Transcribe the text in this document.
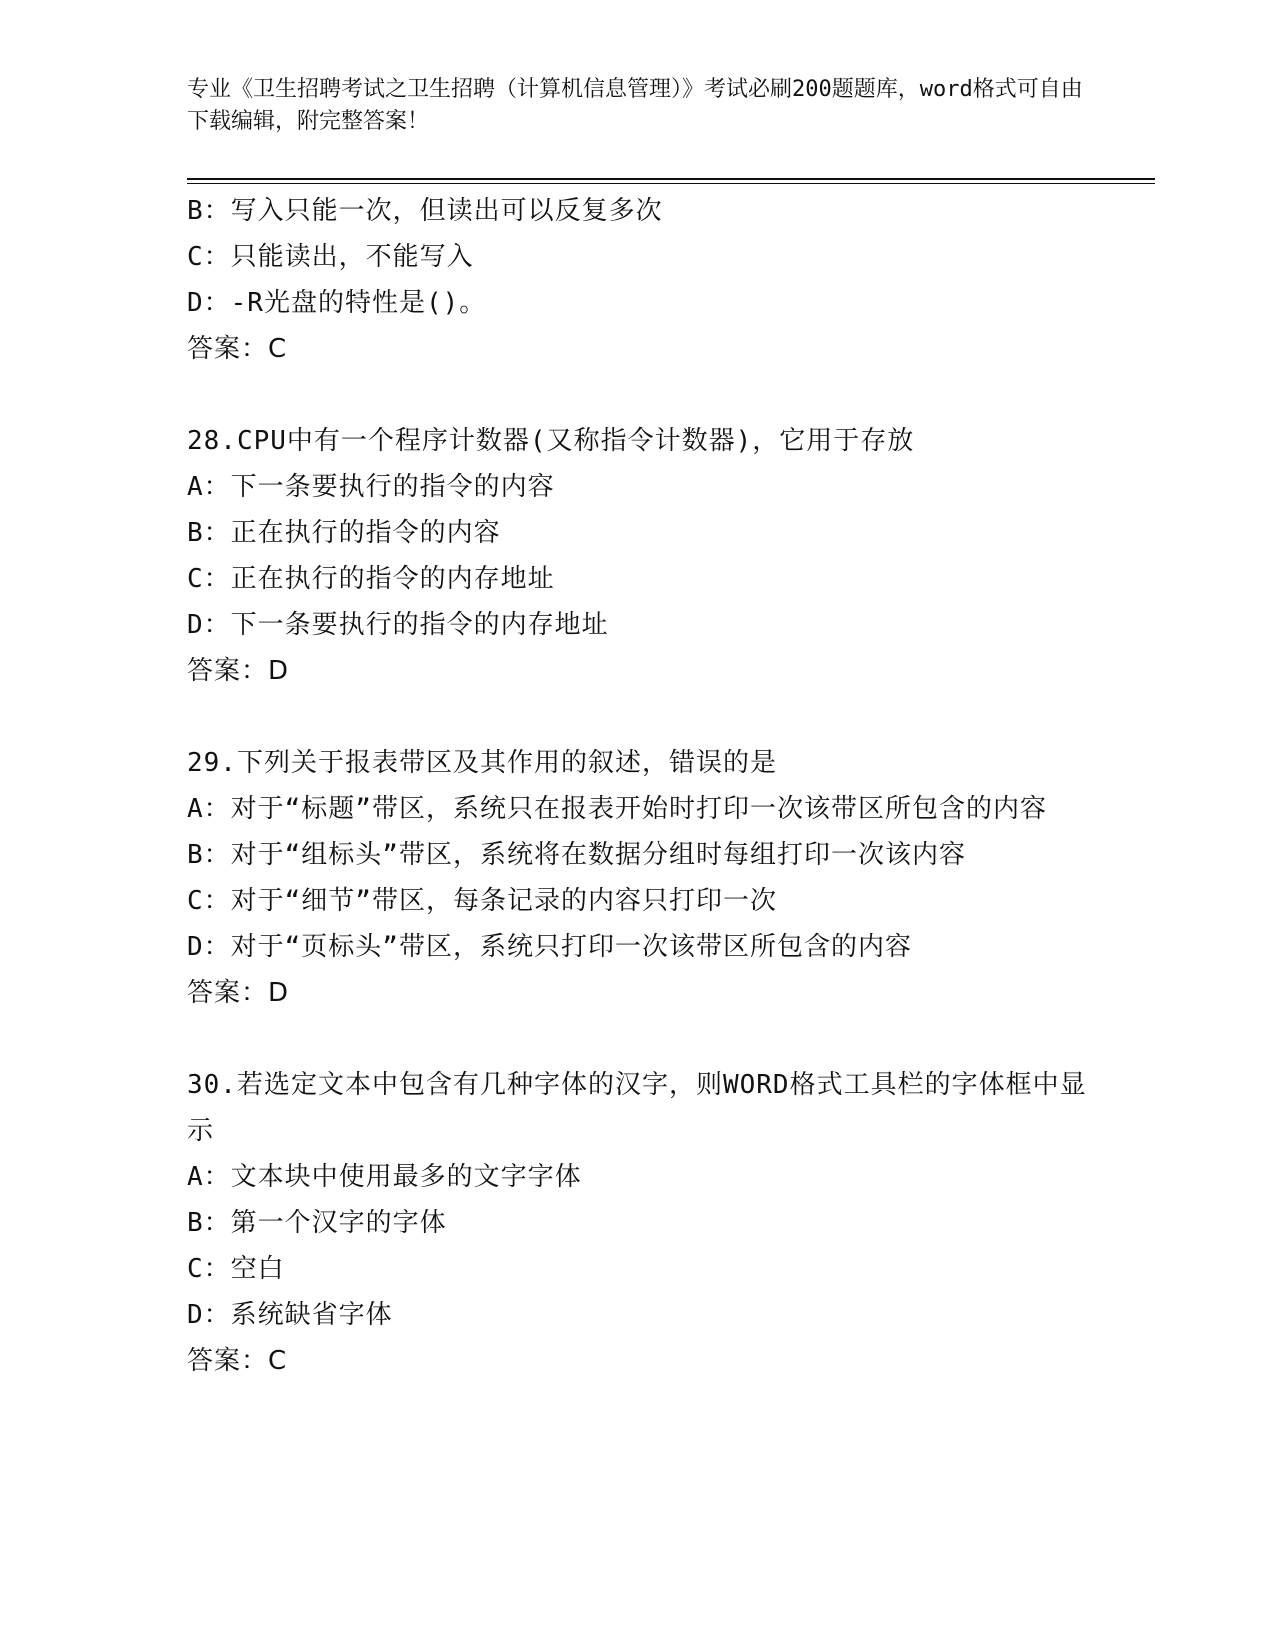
专业《卫生招聘考试之卫生招聘（计算机信息管理）》考试必刷200题题库，word格式可自由下载编辑，附完整答案！

B：写入只能一次，但读出可以反复多次

C：只能读出，不能写入

D：-R光盘的特性是()。

答案：C

28.CPU中有一个程序计数器(又称指令计数器)，它用于存放

A：下一条要执行的指令的内容

B：正在执行的指令的内容

C：正在执行的指令的内存地址

D：下一条要执行的指令的内存地址

答案：D

29.下列关于报表带区及其作用的叙述，错误的是

A：对于“标题”带区，系统只在报表开始时打印一次该带区所包含的内容

B：对于“组标头”带区，系统将在数据分组时每组打印一次该内容

C：对于“细节”带区，每条记录的内容只打印一次

D：对于“页标头”带区，系统只打印一次该带区所包含的内容

答案：D

30.若选定文本中包含有几种字体的汉字，则WORD格式工具栏的字体框中显示

A：文本块中使用最多的文字字体

B：第一个汉字的字体

C：空白

D：系统缺省字体

答案：C
